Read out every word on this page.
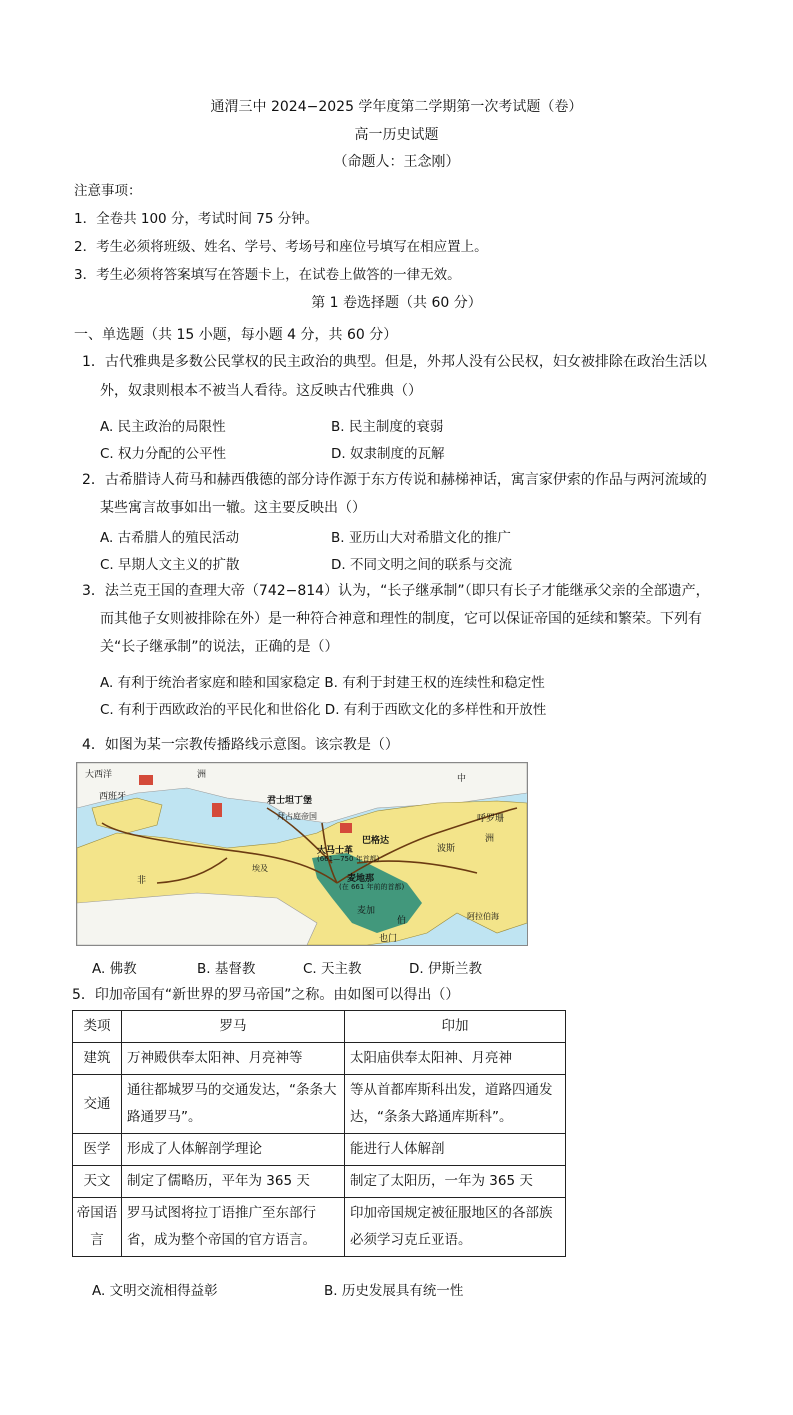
通渭三中 2024−2025 学年度第二学期第一次考试题（卷）
高一历史试题
（命题人：王念刚）
注意事项：
1．全卷共 100 分，考试时间 75 分钟。
2．考生必须将班级、姓名、学号、考场号和座位号填写在相应置上。
3．考生必须将答案填写在答题卡上，在试卷上做答的一律无效。
第 1 卷选择题（共 60 分）
一、单选题（共 15 小题，每小题 4 分，共 60 分）
1．古代雅典是多数公民掌权的民主政治的典型。但是，外邦人没有公民权，妇女被排除在政治生活以
外，奴隶则根本不被当人看待。这反映古代雅典（）
A. 民主政治的局限性	B. 民主制度的衰弱
C. 权力分配的公平性	D. 奴隶制度的瓦解
2．古希腊诗人荷马和赫西俄德的部分诗作源于东方传说和赫梯神话，寓言家伊索的作品与两河流域的
某些寓言故事如出一辙。这主要反映出（）
A. 古希腊人的殖民活动	B. 亚历山大对希腊文化的推广
C. 早期人文主义的扩散	D. 不同文明之间的联系与交流
3．法兰克王国的查理大帝（742−814）认为，“长子继承制”（即只有长子才能继承父亲的全部遗产，
而其他子女则被排除在外）是一种符合神意和理性的制度，它可以保证帝国的延续和繁荣。下列有
关“长子继承制”的说法，正确的是（）
A. 有利于统治者家庭和睦和国家稳定 B. 有利于封建王权的连续性和稳定性
C. 有利于西欧政治的平民化和世俗化 D. 有利于西欧文化的多样性和开放性
4．如图为某一宗教传播路线示意图。该宗教是（）
大西洋	洲
西班牙	君士坦丁堡
拜占庭帝国
巴格达
大马士革
(661—750 年首都)
麦地那
(在 661 年前的首都)
麦加
也门
呼罗珊
波斯
洲
中
埃及
非
伯	阿拉伯海
A. 佛教	B. 基督教	C. 天主教	D. 伊斯兰教
5．印加帝国有“新世界的罗马帝国”之称。由如图可以得出（）
类项	罗马	印加
建筑	万神殿供奉太阳神、月亮神等	太阳庙供奉太阳神、月亮神
交通	通往都城罗马的交通发达，“条条大路通罗马”。	等从首都库斯科出发，道路四通发达，“条条大路通库斯科”。
医学	形成了人体解剖学理论	能进行人体解剖
天文	制定了儒略历，平年为 365 天	制定了太阳历，一年为 365 天
帝国语言	罗马试图将拉丁语推广至东部行省，成为整个帝国的官方语言。	印加帝国规定被征服地区的各部族必须学习克丘亚语。
A. 文明交流相得益彰	B. 历史发展具有统一性
